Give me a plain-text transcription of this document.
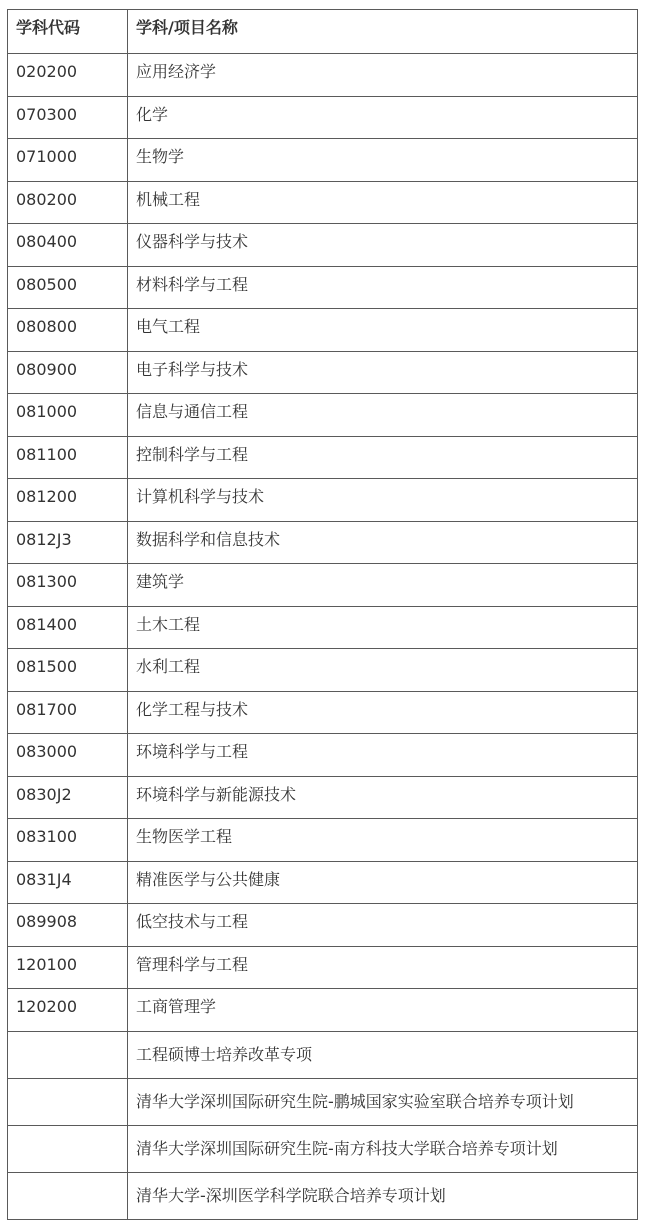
学科代码	学科/项目名称
020200	应用经济学
070300	化学
071000	生物学
080200	机械工程
080400	仪器科学与技术
080500	材料科学与工程
080800	电气工程
080900	电子科学与技术
081000	信息与通信工程
081100	控制科学与工程
081200	计算机科学与技术
0812J3	数据科学和信息技术
081300	建筑学
081400	土木工程
081500	水利工程
081700	化学工程与技术
083000	环境科学与工程
0830J2	环境科学与新能源技术
083100	生物医学工程
0831J4	精准医学与公共健康
089908	低空技术与工程
120100	管理科学与工程
120200	工商管理学
	工程硕博士培养改革专项
	清华大学深圳国际研究生院-鹏城国家实验室联合培养专项计划
	清华大学深圳国际研究生院-南方科技大学联合培养专项计划
	清华大学-深圳医学科学院联合培养专项计划
